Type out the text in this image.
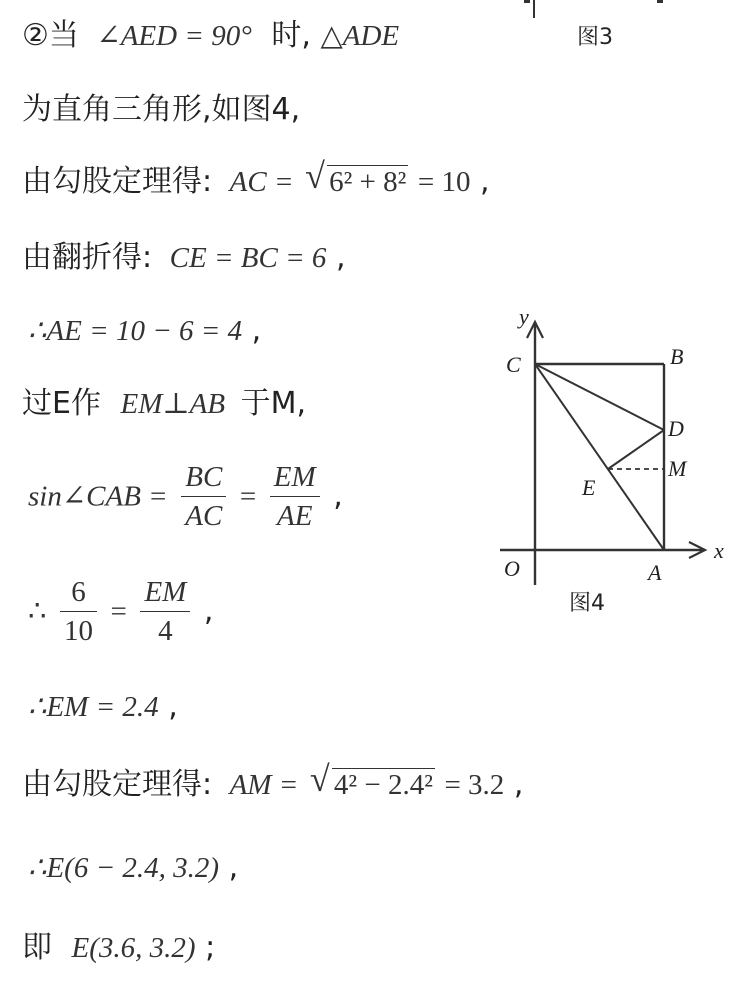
图3
②当 ∠AED = 90° 时, △ADE
为直角三角形,如图4,
由勾股定理得: AC = √ 6² + 8² = 10 ,
由翻折得: CE = BC = 6 ,
∴AE = 10 − 6 = 4 ,
过E作 EM⊥AB 于M,
sin∠CAB = $\frac{BC}{AC} = \frac{EM}{AE}$ ,
∴ $\frac{6}{10} = \frac{EM}{4}$ ,
∴EM = 2.4 ,
由勾股定理得: AM = √ 4² − 2.4² = 3.2 ,
∴E(6 − 2.4, 3.2) ,
即 E(3.6, 3.2) ;
y
x
O	A
B
C
D
E
M
图4
